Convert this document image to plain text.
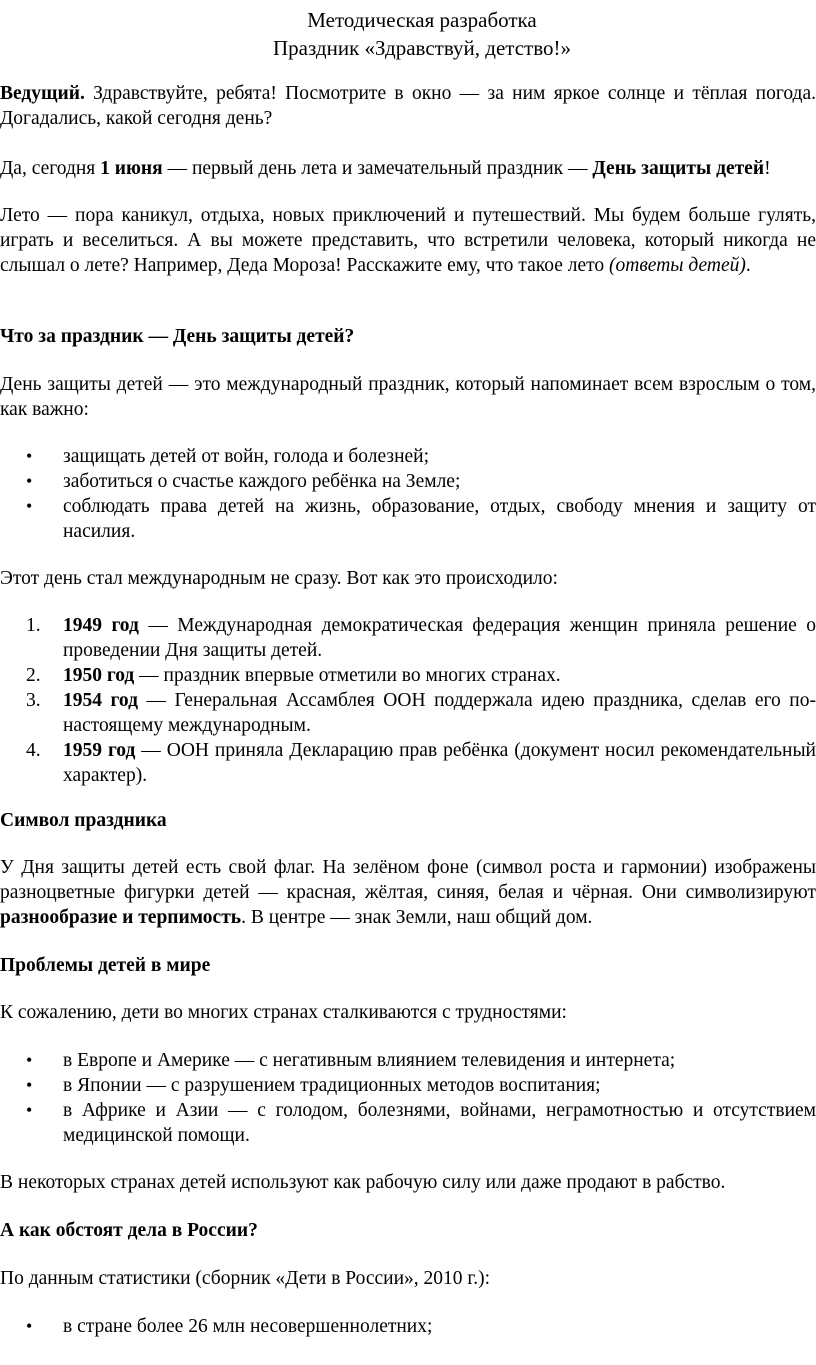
Методическая разработка
Праздник «Здравствуй, детство!»

Ведущий. Здравствуйте, ребята! Посмотрите в окно — за ним яркое солнце и тёплая погода. Догадались, какой сегодня день?

Да, сегодня 1 июня — первый день лета и замечательный праздник — День защиты детей!

Лето — пора каникул, отдыха, новых приключений и путешествий. Мы будем больше гулять, играть и веселиться. А вы можете представить, что встретили человека, который никогда не слышал о лете? Например, Деда Мороза! Расскажите ему, что такое лето (ответы детей).

Что за праздник — День защиты детей?

День защиты детей — это международный праздник, который напоминает всем взрослым о том, как важно:

• защищать детей от войн, голода и болезней;
• заботиться о счастье каждого ребёнка на Земле;
• соблюдать права детей на жизнь, образование, отдых, свободу мнения и защиту от насилия.

Этот день стал международным не сразу. Вот как это происходило:

1. 1949 год — Международная демократическая федерация женщин приняла решение о проведении Дня защиты детей.
2. 1950 год — праздник впервые отметили во многих странах.
3. 1954 год — Генеральная Ассамблея ООН поддержала идею праздника, сделав его по-настоящему международным.
4. 1959 год — ООН приняла Декларацию прав ребёнка (документ носил рекомендательный характер).

Символ праздника

У Дня защиты детей есть свой флаг. На зелёном фоне (символ роста и гармонии) изображены разноцветные фигурки детей — красная, жёлтая, синяя, белая и чёрная. Они символизируют разнообразие и терпимость. В центре — знак Земли, наш общий дом.

Проблемы детей в мире

К сожалению, дети во многих странах сталкиваются с трудностями:

• в Европе и Америке — с негативным влиянием телевидения и интернета;
• в Японии — с разрушением традиционных методов воспитания;
• в Африке и Азии — с голодом, болезнями, войнами, неграмотностью и отсутствием медицинской помощи.

В некоторых странах детей используют как рабочую силу или даже продают в рабство.

А как обстоят дела в России?

По данным статистики (сборник «Дети в России», 2010 г.):

• в стране более 26 млн несовершеннолетних;
